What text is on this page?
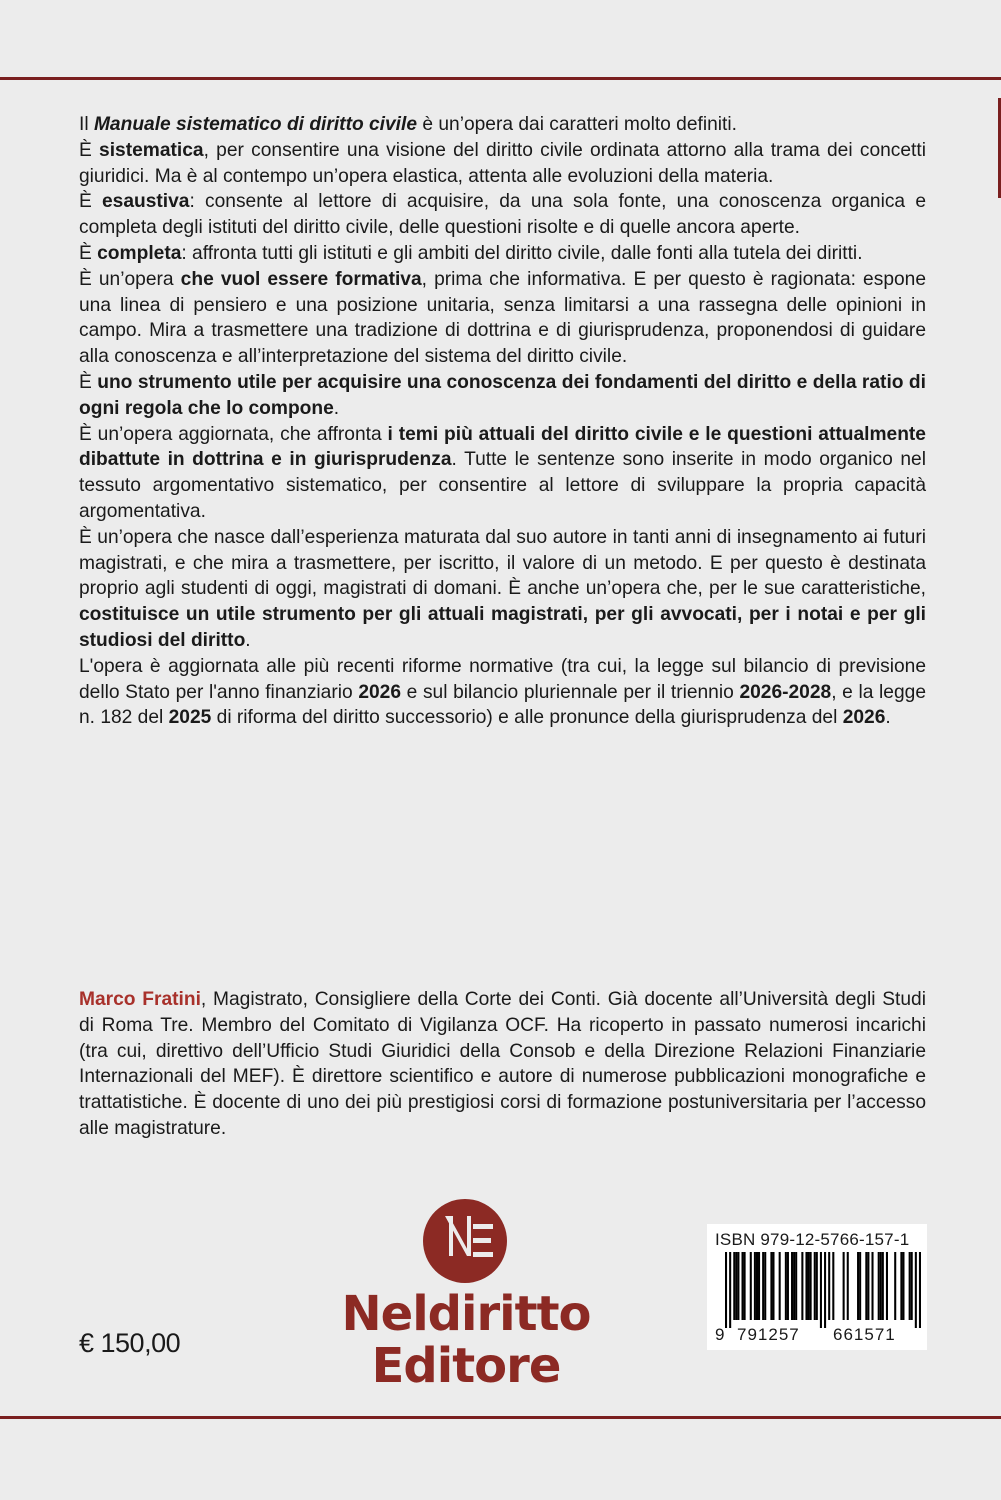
Il Manuale sistematico di diritto civile è un’opera dai caratteri molto definiti.

È sistematica, per consentire una visione del diritto civile ordinata attorno alla trama dei concetti giuridici. Ma è al contempo un’opera elastica, attenta alle evoluzioni della materia.

È esaustiva: consente al lettore di acquisire, da una sola fonte, una conoscenza organica e completa degli istituti del diritto civile, delle questioni risolte e di quelle ancora aperte.

È completa: affronta tutti gli istituti e gli ambiti del diritto civile, dalle fonti alla tutela dei diritti.

È un’opera che vuol essere formativa, prima che informativa. E per questo è ragionata: espone una linea di pensiero e una posizione unitaria, senza limitarsi a una rassegna delle opinioni in campo. Mira a trasmettere una tradizione di dottrina e di giurisprudenza, proponendosi di guidare alla conoscenza e all’interpretazione del sistema del diritto civile.

È uno strumento utile per acquisire una conoscenza dei fondamenti del diritto e della ratio di ogni regola che lo compone.

È un’opera aggiornata, che affronta i temi più attuali del diritto civile e le questioni attualmente dibattute in dottrina e in giurisprudenza. Tutte le sentenze sono inserite in modo organico nel tessuto argomentativo sistematico, per consentire al lettore di sviluppare la propria capacità argomentativa.

È un’opera che nasce dall’esperienza maturata dal suo autore in tanti anni di insegnamento ai futuri magistrati, e che mira a trasmettere, per iscritto, il valore di un metodo. E per questo è destinata proprio agli studenti di oggi, magistrati di domani. È anche un’opera che, per le sue caratteristiche, costituisce un utile strumento per gli attuali magistrati, per gli avvocati, per i notai e per gli studiosi del diritto.

L'opera è aggiornata alle più recenti riforme normative (tra cui, la legge sul bilancio di previsione dello Stato per l'anno finanziario 2026 e sul bilancio pluriennale per il triennio 2026-2028, e la legge n. 182 del 2025 di riforma del diritto successorio) e alle pronunce della giurisprudenza del 2026.

Marco Fratini, Magistrato, Consigliere della Corte dei Conti. Già docente all’Università degli Studi di Roma Tre. Membro del Comitato di Vigilanza OCF. Ha ricoperto in passato numerosi incarichi (tra cui, direttivo dell’Ufficio Studi Giuridici della Consob e della Direzione Relazioni Finanziarie Internazionali del MEF). È direttore scientifico e autore di numerose pubblicazioni monografiche e trattatistiche. È docente di uno dei più prestigiosi corsi di formazione postuniversitaria per l’accesso alle magistrature.

€ 150,00
Neldiritto
Editore
ISBN 979-12-5766-157-1
9 791257 661571
